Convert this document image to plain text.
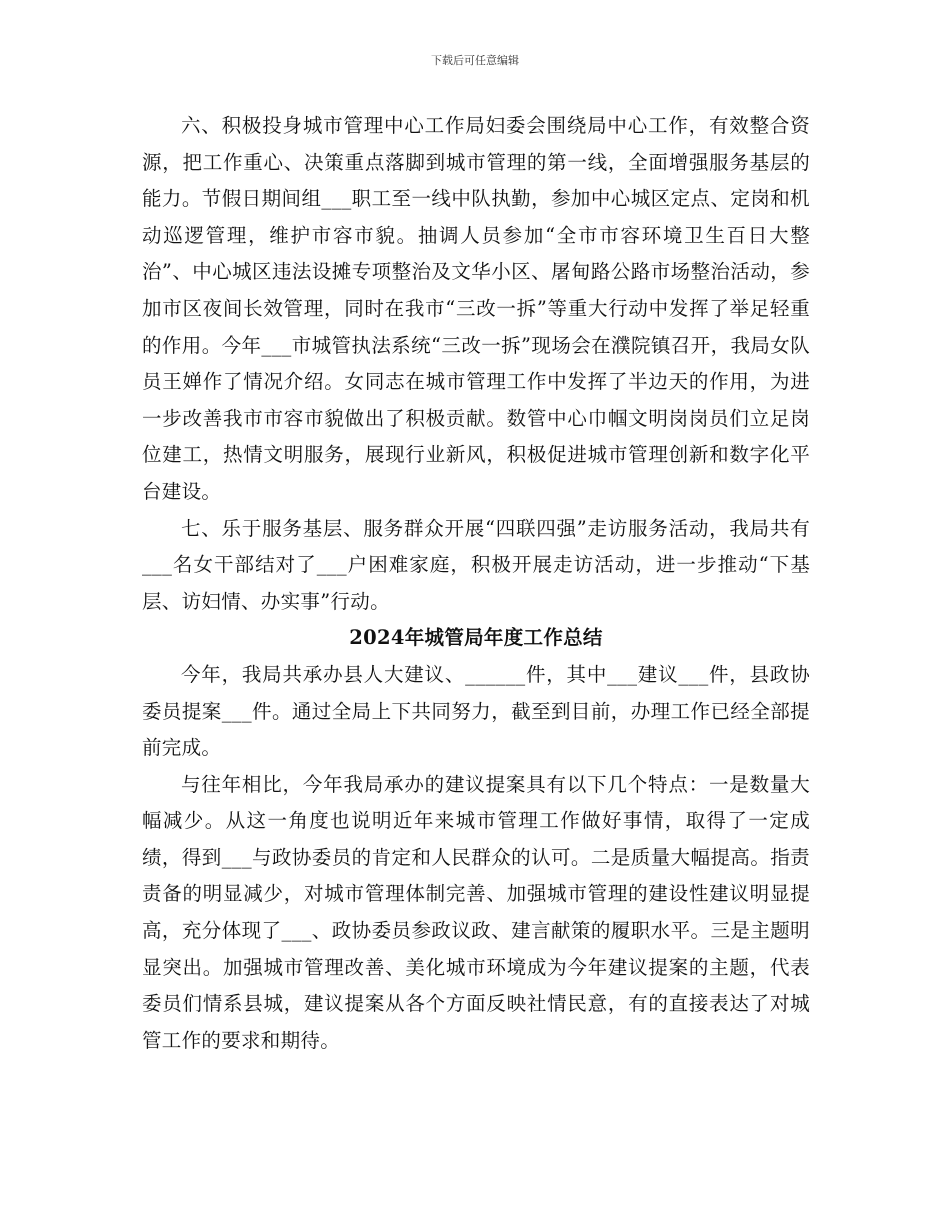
下载后可任意编辑

六、积极投身城市管理中心工作局妇委会围绕局中心工作，有效整合资源，把工作重心、决策重点落脚到城市管理的第一线，全面增强服务基层的能力。节假日期间组___职工至一线中队执勤，参加中心城区定点、定岗和机动巡逻管理，维护市容市貌。抽调人员参加“全市市容环境卫生百日大整治”、中心城区违法设摊专项整治及文华小区、屠甸路公路市场整治活动，参加市区夜间长效管理，同时在我市“三改一拆”等重大行动中发挥了举足轻重的作用。今年___市城管执法系统“三改一拆”现场会在濮院镇召开，我局女队员王婵作了情况介绍。女同志在城市管理工作中发挥了半边天的作用，为进一步改善我市市容市貌做出了积极贡献。数管中心巾帼文明岗岗员们立足岗位建工，热情文明服务，展现行业新风，积极促进城市管理创新和数字化平台建设。

七、乐于服务基层、服务群众开展“四联四强”走访服务活动，我局共有___名女干部结对了___户困难家庭，积极开展走访活动，进一步推动“下基层、访妇情、办实事”行动。

2024年城管局年度工作总结

今年，我局共承办县人大建议、______件，其中___建议___件，县政协委员提案___件。通过全局上下共同努力，截至到目前，办理工作已经全部提前完成。

与往年相比，今年我局承办的建议提案具有以下几个特点：一是数量大幅减少。从这一角度也说明近年来城市管理工作做好事情，取得了一定成绩，得到___与政协委员的肯定和人民群众的认可。二是质量大幅提高。指责责备的明显减少，对城市管理体制完善、加强城市管理的建设性建议明显提高，充分体现了___、政协委员参政议政、建言献策的履职水平。三是主题明显突出。加强城市管理改善、美化城市环境成为今年建议提案的主题，代表委员们情系县城，建议提案从各个方面反映社情民意，有的直接表达了对城管工作的要求和期待。
